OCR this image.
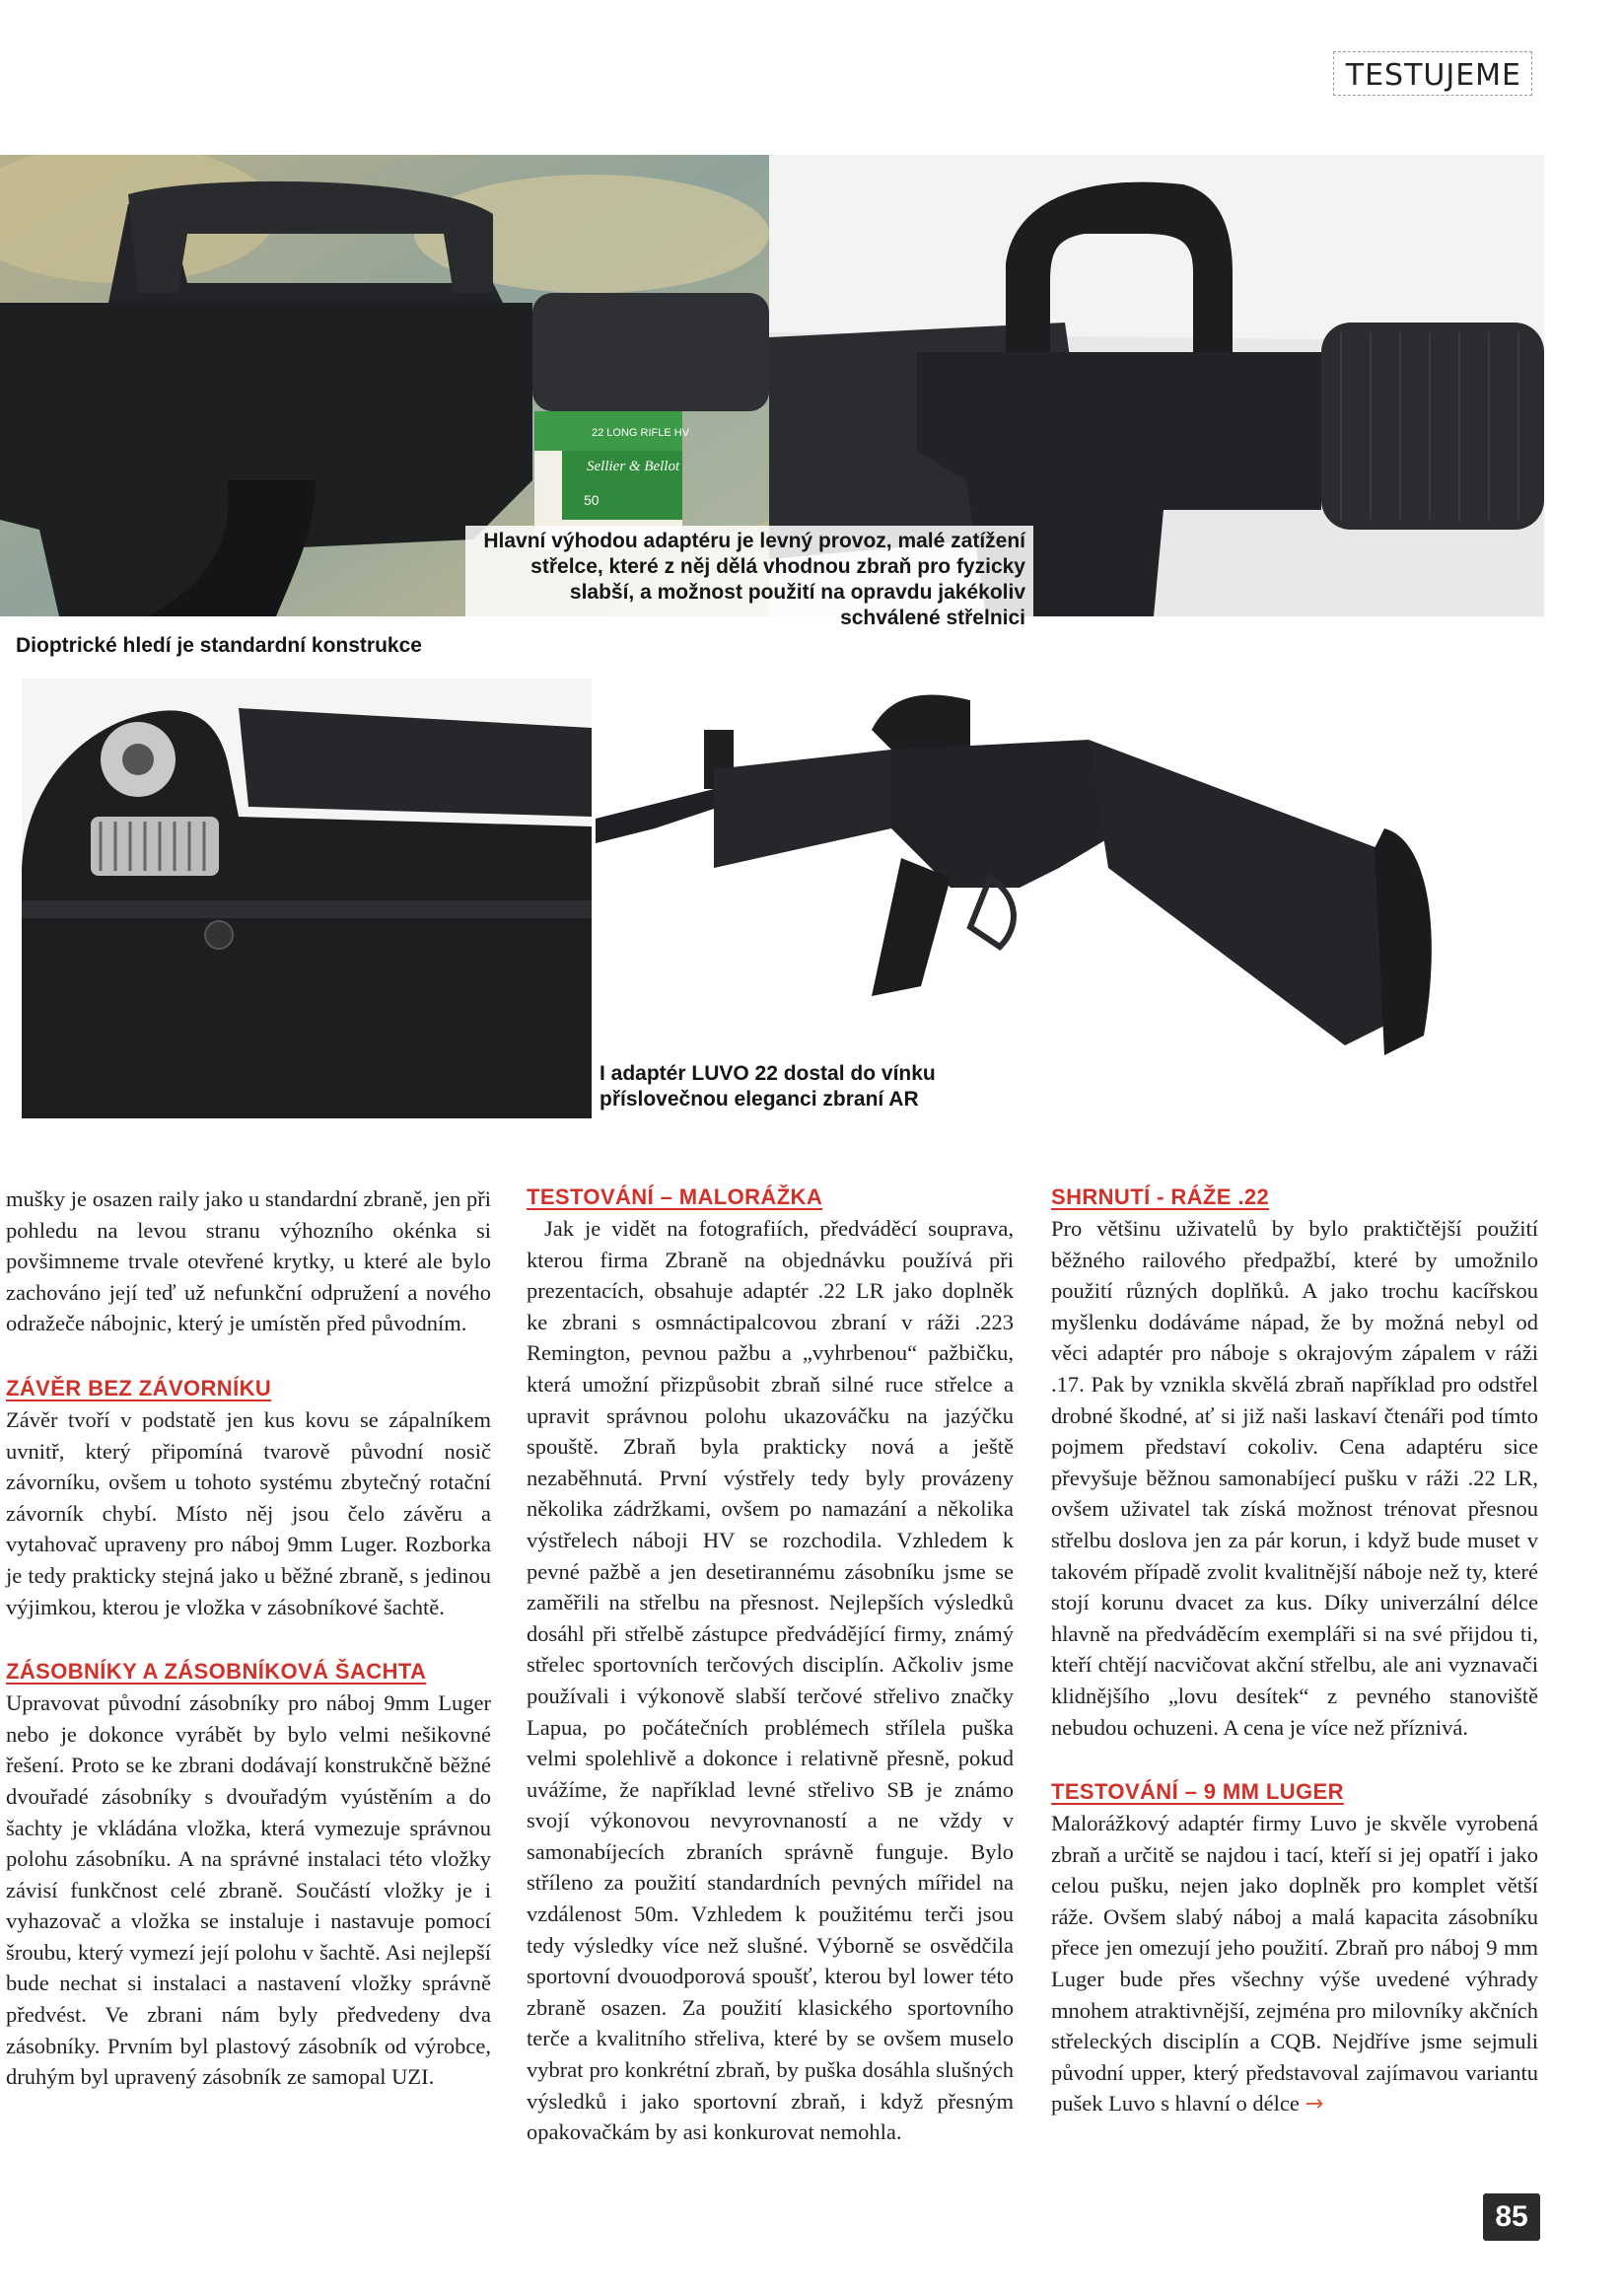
TESTUJEME
22 LONG RIFLE HV
Sellier & Bellot
50
Hlavní výhodou adaptéru je levný provoz, malé zatížení střelce, které z něj dělá vhodnou zbraň pro fyzicky slabší, a možnost použití na opravdu jakékoliv schválené střelnici
Dioptrické hledí je standardní konstrukce
I adaptér LUVO 22 dostal do vínku příslovečnou eleganci zbraní AR

mušky je osazen raily jako u standardní zbraně, jen při pohledu na levou stranu výhozního okénka si povšimneme trvale otevřené krytky, u které ale bylo zachováno její teď už nefunkční odpružení a nového odražeče nábojnic, který je umístěn před původním.

ZÁVĚR BEZ ZÁVORNÍKU

Závěr tvoří v podstatě jen kus kovu se zápalníkem uvnitř, který připomíná tvarově původní nosič závorníku, ovšem u tohoto systému zbytečný rotační závorník chybí. Místo něj jsou čelo závěru a vytahovač upraveny pro náboj 9mm Luger. Rozborka je tedy prakticky stejná jako u běžné zbraně, s jedinou výjimkou, kterou je vložka v zásobníkové šachtě.

ZÁSOBNÍKY A ZÁSOBNÍKOVÁ ŠACHTA

Upravovat původní zásobníky pro náboj 9mm Luger nebo je dokonce vyrábět by bylo velmi nešikovné řešení. Proto se ke zbrani dodávají konstrukčně běžné dvouřadé zásobníky s dvouřadým vyústěním a do šachty je vkládána vložka, která vymezuje správnou polohu zásobníku. A na správné instalaci této vložky závisí funkčnost celé zbraně. Součástí vložky je i vyhazovač a vložka se instaluje i nastavuje pomocí šroubu, který vymezí její polohu v šachtě. Asi nejlepší bude nechat si instalaci a nastavení vložky správně předvést. Ve zbrani nám byly předvedeny dva zásobníky. Prvním byl plastový zásobník od výrobce, druhým byl upravený zásobník ze samopal UZI.

TESTOVÁNÍ – MALORÁŽKA

Jak je vidět na fotografiích, předváděcí souprava, kterou firma Zbraně na objednávku používá při prezentacích, obsahuje adaptér .22 LR jako doplněk ke zbrani s osmnáctipalcovou zbraní v ráži .223 Remington, pevnou pažbu a „vyhrbenou“ pažbičku, která umožní přizpůsobit zbraň silné ruce střelce a upravit správnou polohu ukazováčku na jazýčku spouště. Zbraň byla prakticky nová a ještě nezaběhnutá. První výstřely tedy byly provázeny několika zádržkami, ovšem po namazání a několika výstřelech náboji HV se rozchodila. Vzhledem k pevné pažbě a jen desetirannému zásobníku jsme se zaměřili na střelbu na přesnost. Nejlepších výsledků dosáhl při střelbě zástupce předvádějící firmy, známý střelec sportovních terčových disciplín. Ačkoliv jsme používali i výkonově slabší terčové střelivo značky Lapua, po počátečních problémech střílela puška velmi spolehlivě a dokonce i relativně přesně, pokud uvážíme, že například levné střelivo SB je známo svojí výkonovou nevyrovnaností a ne vždy v samonabíjecích zbraních správně funguje. Bylo stříleno za použití standardních pevných mířidel na vzdálenost 50m. Vzhledem k použitému terči jsou tedy výsledky více než slušné. Výborně se osvědčila sportovní dvouodporová spoušť, kterou byl lower této zbraně osazen. Za použití klasického sportovního terče a kvalitního střeliva, které by se ovšem muselo vybrat pro konkrétní zbraň, by puška dosáhla slušných výsledků i jako sportovní zbraň, i když přesným opakovačkám by asi konkurovat nemohla.

SHRNUTÍ - RÁŽE .22

Pro většinu uživatelů by bylo praktičtější použití běžného railového předpažbí, které by umožnilo použití různých doplňků. A jako trochu kacířskou myšlenku dodáváme nápad, že by možná nebyl od věci adaptér pro náboje s okrajovým zápalem v ráži .17. Pak by vznikla skvělá zbraň například pro odstřel drobné škodné, ať si již naši laskaví čtenáři pod tímto pojmem představí cokoliv. Cena adaptéru sice převyšuje běžnou samonabíjecí pušku v ráži .22 LR, ovšem uživatel tak získá možnost trénovat přesnou střelbu doslova jen za pár korun, i když bude muset v takovém případě zvolit kvalitnější náboje než ty, které stojí korunu dvacet za kus. Díky univerzální délce hlavně na předváděcím exempláři si na své přijdou ti, kteří chtějí nacvičovat akční střelbu, ale ani vyznavači klidnějšího „lovu desítek“ z pevného stanoviště nebudou ochuzeni. A cena je více než příznivá.

TESTOVÁNÍ – 9 MM LUGER

Malorážkový adaptér firmy Luvo je skvěle vyrobená zbraň a určitě se najdou i tací, kteří si jej opatří i jako celou pušku, nejen jako doplněk pro komplet větší ráže. Ovšem slabý náboj a malá kapacita zásobníku přece jen omezují jeho použití. Zbraň pro náboj 9 mm Luger bude přes všechny výše uvedené výhrady mnohem atraktivnější, zejména pro milovníky akčních střeleckých disciplín a CQB. Nejdříve jsme sejmuli původní upper, který představoval zajímavou variantu pušek Luvo s hlavní o délce →

85
